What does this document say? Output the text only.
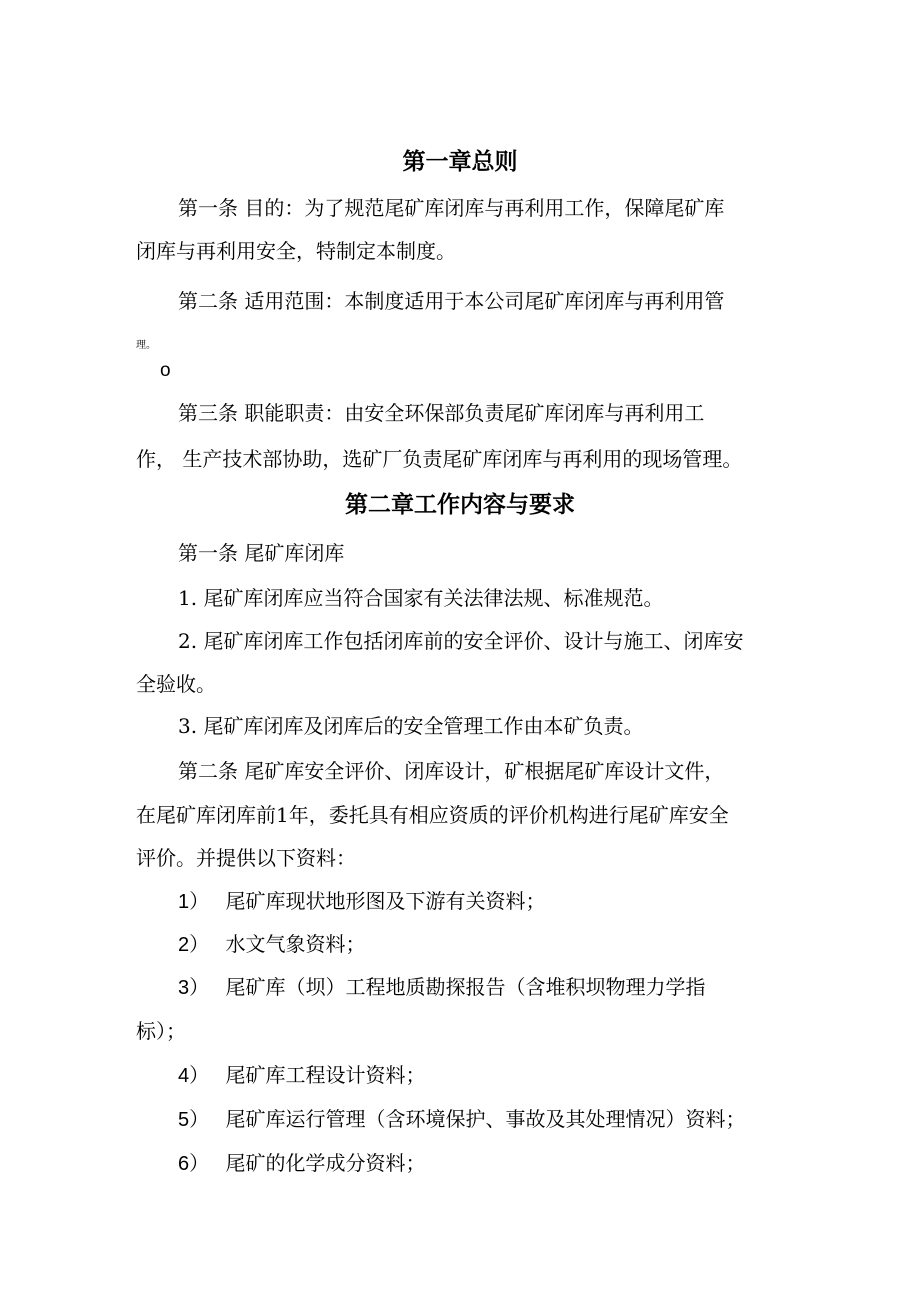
第一章总则
第一条 目的：为了规范尾矿库闭库与再利用工作，保障尾矿库
闭库与再利用安全，特制定本制度。
第二条 适用范围：本制度适用于本公司尾矿库闭库与再利用管
理。
o
第三条 职能职责：由安全环保部负责尾矿库闭库与再利用工
作， 生产技术部协助，选矿厂负责尾矿库闭库与再利用的现场管理。
第二章工作内容与要求
第一条 尾矿库闭库
1. 尾矿库闭库应当符合国家有关法律法规、标准规范。
2. 尾矿库闭库工作包括闭库前的安全评价、设计与施工、闭库安
全验收。
3. 尾矿库闭库及闭库后的安全管理工作由本矿负责。
第二条 尾矿库安全评价、闭库设计，矿根据尾矿库设计文件，
在尾矿库闭库前1年，委托具有相应资质的评价机构进行尾矿库安全
评价。并提供以下资料：
1） 尾矿库现状地形图及下游有关资料；
2） 水文气象资料；
3） 尾矿库（坝）工程地质勘探报告（含堆积坝物理力学指
标）；
4） 尾矿库工程设计资料；
5） 尾矿库运行管理（含环境保护、事故及其处理情况）资料；
6） 尾矿的化学成分资料；
